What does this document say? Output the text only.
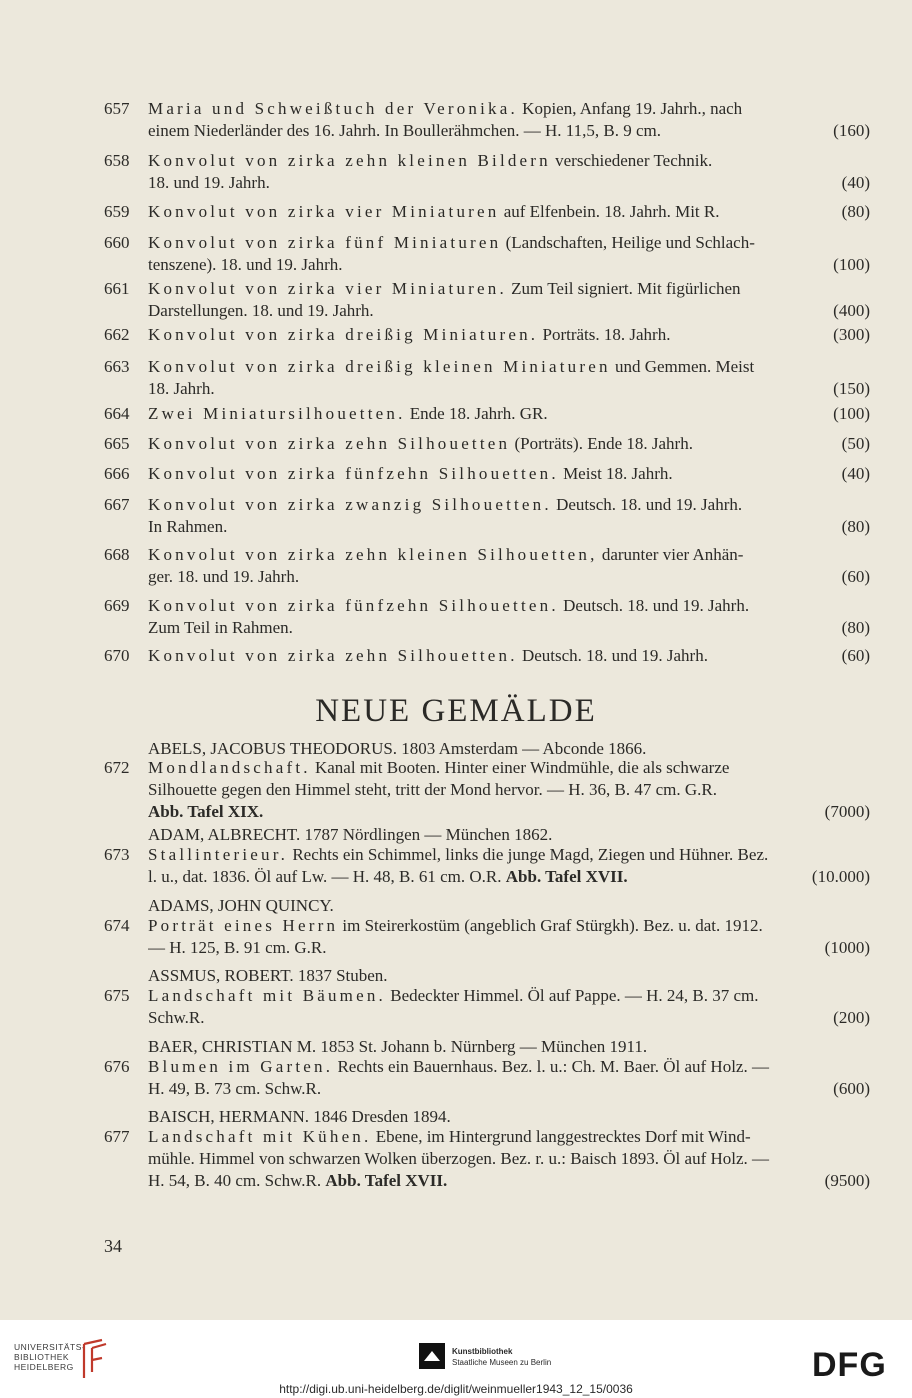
657	Maria und Schweißtuch der Veronika. Kopien, Anfang 19. Jahrh., nach
einem Niederländer des 16. Jahrh. In Boullerähmchen. — H. 11,5, B. 9 cm.	(160)
658	Konvolut von zirka zehn kleinen Bildern verschiedener Technik.
18. und 19. Jahrh.	(40)
659	Konvolut von zirka vier Miniaturen auf Elfenbein. 18. Jahrh. Mit R.	(80)
660	Konvolut von zirka fünf Miniaturen (Landschaften, Heilige und Schlach-
tenszene). 18. und 19. Jahrh.	(100)
661	Konvolut von zirka vier Miniaturen. Zum Teil signiert. Mit figürlichen
Darstellungen. 18. und 19. Jahrh.	(400)
662	Konvolut von zirka dreißig Miniaturen. Porträts. 18. Jahrh.	(300)
663	Konvolut von zirka dreißig kleinen Miniaturen und Gemmen. Meist
18. Jahrh.	(150)
664	Zwei Miniatursilhouetten. Ende 18. Jahrh. GR.	(100)
665	Konvolut von zirka zehn Silhouetten (Porträts). Ende 18. Jahrh.	(50)
666	Konvolut von zirka fünfzehn Silhouetten. Meist 18. Jahrh.	(40)
667	Konvolut von zirka zwanzig Silhouetten. Deutsch. 18. und 19. Jahrh.
In Rahmen.	(80)
668	Konvolut von zirka zehn kleinen Silhouetten, darunter vier Anhän-
ger. 18. und 19. Jahrh.	(60)
669	Konvolut von zirka fünfzehn Silhouetten. Deutsch. 18. und 19. Jahrh.
Zum Teil in Rahmen.	(80)
670	Konvolut von zirka zehn Silhouetten. Deutsch. 18. und 19. Jahrh.	(60)
NEUE GEMÄLDE
ABELS, JACOBUS THEODORUS. 1803 Amsterdam — Abconde 1866.
672	Mondlandschaft. Kanal mit Booten. Hinter einer Windmühle, die als schwarze
Silhouette gegen den Himmel steht, tritt der Mond hervor. — H. 36, B. 47 cm. G.R.
Abb. Tafel XIX.	(7000)
ADAM, ALBRECHT. 1787 Nördlingen — München 1862.
673	Stallinterieur. Rechts ein Schimmel, links die junge Magd, Ziegen und Hühner. Bez.
l. u., dat. 1836. Öl auf Lw. — H. 48, B. 61 cm. O.R. Abb. Tafel XVII.	(10.000)
ADAMS, JOHN QUINCY.
674	Porträt eines Herrn im Steirerkostüm (angeblich Graf Stürgkh). Bez. u. dat. 1912.
— H. 125, B. 91 cm. G.R.	(1000)
ASSMUS, ROBERT. 1837 Stuben.
675	Landschaft mit Bäumen. Bedeckter Himmel. Öl auf Pappe. — H. 24, B. 37 cm.
Schw.R.	(200)
BAER, CHRISTIAN M. 1853 St. Johann b. Nürnberg — München 1911.
676	Blumen im Garten. Rechts ein Bauernhaus. Bez. l. u.: Ch. M. Baer. Öl auf Holz. —
H. 49, B. 73 cm. Schw.R.	(600)
BAISCH, HERMANN. 1846 Dresden 1894.
677	Landschaft mit Kühen. Ebene, im Hintergrund langgestrecktes Dorf mit Wind-
mühle. Himmel von schwarzen Wolken überzogen. Bez. r. u.: Baisch 1893. Öl auf Holz. —
H. 54, B. 40 cm. Schw.R. Abb. Tafel XVII.	(9500)
34
UNIVERSITÄTS-
BIBLIOTHEK
HEIDELBERG
Kunstbibliothek
Staatliche Museen zu Berlin	DFG
http://digi.ub.uni-heidelberg.de/diglit/weinmueller1943_12_15/0036
